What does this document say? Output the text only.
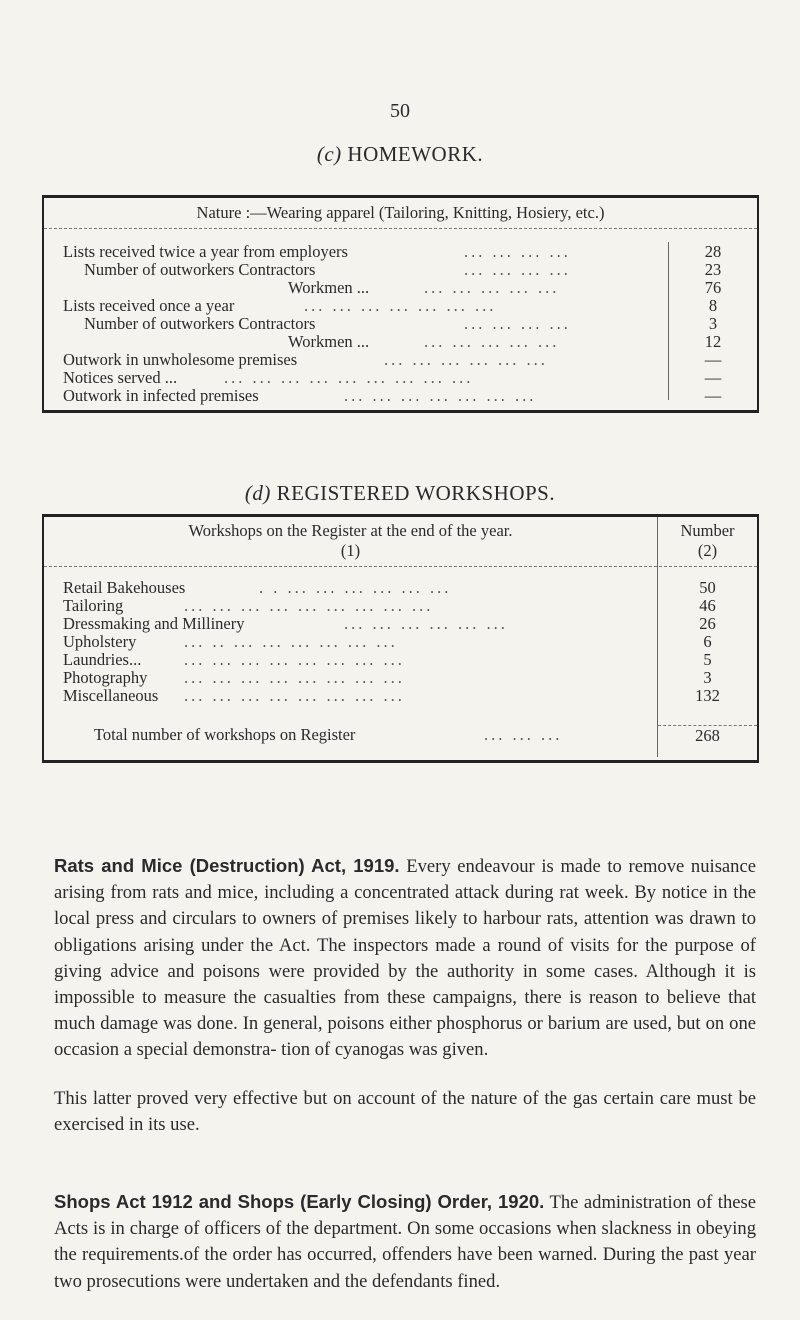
50
(c) HOMEWORK.
Nature :—Wearing apparel (Tailoring, Knitting, Hosiery, etc.)
Lists received twice a year from employers	... ... ... ...	28
Number of outworkers Contractors	... ... ... ...	23
Workmen ...	... ... ... ... ...	76
Lists received once a year	... ... ... ... ... ... ...	8
Number of outworkers Contractors	... ... ... ...	3
Workmen ...	... ... ... ... ...	12
Outwork in unwholesome premises	... ... ... ... ... ...	—
Notices served ...	... ... ... ... ... ... ... ... ...	—
Outwork in infected premises	... ... ... ... ... ... ...	—
(d) REGISTERED WORKSHOPS.
Workshops on the Register at the end of the year.
(1)
Number
(2)
Retail Bakehouses	. . ... ... ... ... ... ...	50
Tailoring	... ... ... ... ... ... ... ... ...	46
Dressmaking and Millinery	... ... ... ... ... ...	26
Upholstery	... .. ... ... ... ... ... ...	6
Laundries...	... ... ... ... ... ... ... ...	5
Photography ... ... ... ... ... ... ... ...	3
Miscellaneous ... ... ... ... ... ... ... ...	132
Total number of workshops on Register	... ... ...	268
Rats and Mice (Destruction) Act, 1919. Every endeavour is made to remove nuisance arising from rats and mice, including a concentrated attack during rat week. By notice in the local press and circulars to owners of premises likely to harbour rats, attention was drawn to obligations arising under the Act. The inspectors made a round of visits for the purpose of giving advice and poisons were provided by the authority in some cases. Although it is impossible to measure the casualties from these campaigns, there is reason to believe that much damage was done. In general, poisons either phosphorus or barium are used, but on one occasion a special demonstra- tion of cyanogas was given.
This latter proved very effective but on account of the nature of the gas certain care must be exercised in its use.
Shops Act 1912 and Shops (Early Closing) Order, 1920. The administration of these Acts is in charge of officers of the department. On some occasions when slackness in obeying the requirements.of the order has occurred, offenders have been warned. During the past year two prosecutions were undertaken and the defendants fined.
